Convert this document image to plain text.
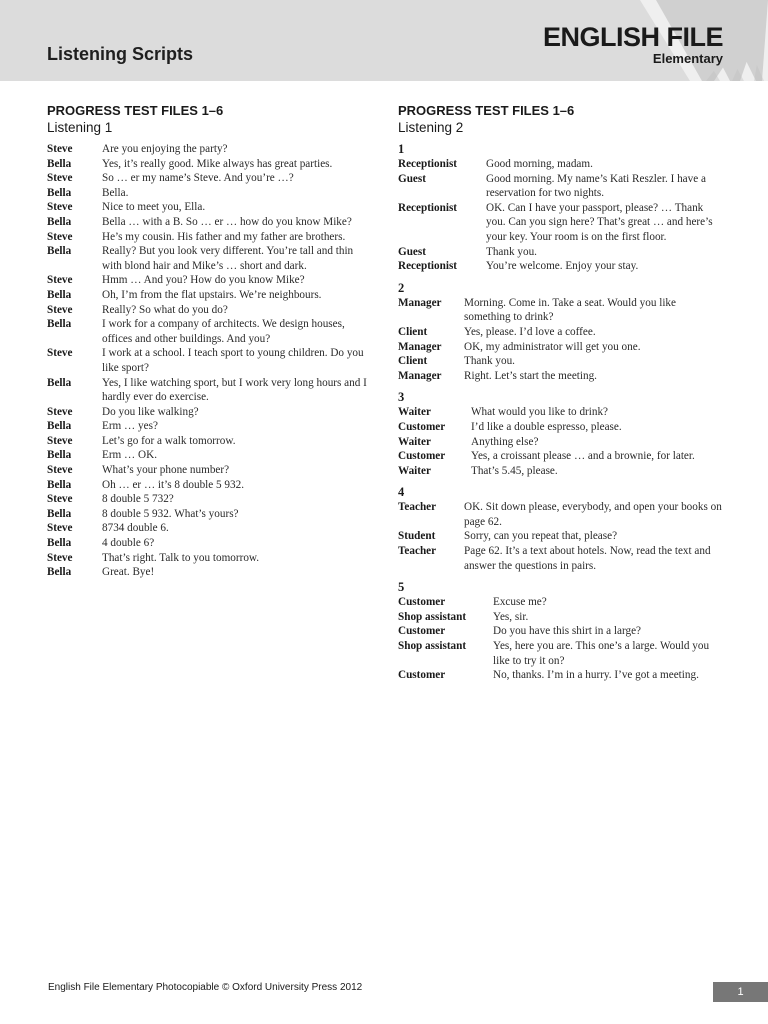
Listening Scripts
ENGLISH FILE
Elementary
PROGRESS TEST FILES 1–6
Listening 1
Steve	Are you enjoying the party?
Bella	Yes, it’s really good. Mike always has great parties.
Steve	So … er my name’s Steve. And you’re …?
Bella	Bella.
Steve	Nice to meet you, Ella.
Bella	Bella … with a B. So … er … how do you know Mike?
Steve	He’s my cousin. His father and my father are brothers.
Bella	Really? But you look very different. You’re tall and thin with blond hair and Mike’s … short and dark.
Steve	Hmm … And you? How do you know Mike?
Bella	Oh, I’m from the flat upstairs. We’re neighbours.
Steve	Really? So what do you do?
Bella	I work for a company of architects. We design houses, offices and other buildings. And you?
Steve	I work at a school. I teach sport to young children. Do you like sport?
Bella	Yes, I like watching sport, but I work very long hours and I hardly ever do exercise.
Steve	Do you like walking?
Bella	Erm … yes?
Steve	Let’s go for a walk tomorrow.
Bella	Erm … OK.
Steve	What’s your phone number?
Bella	Oh … er … it’s 8 double 5 932.
Steve	8 double 5 732?
Bella	8 double 5 932. What’s yours?
Steve	8734 double 6.
Bella	4 double 6?
Steve	That’s right. Talk to you tomorrow.
Bella	Great. Bye!
PROGRESS TEST FILES 1–6
Listening 2
1
Receptionist	Good morning, madam.
Guest	Good morning. My name’s Kati Reszler. I have a reservation for two nights.
Receptionist	OK. Can I have your passport, please? … Thank you. Can you sign here? That’s great … and here’s your key. Your room is on the first floor.
Guest	Thank you.
Receptionist	You’re welcome. Enjoy your stay.
2
Manager	Morning. Come in. Take a seat. Would you like something to drink?
Client	Yes, please. I’d love a coffee.
Manager	OK, my administrator will get you one.
Client	Thank you.
Manager	Right. Let’s start the meeting.
3
Waiter	What would you like to drink?
Customer	I’d like a double espresso, please.
Waiter	Anything else?
Customer	Yes, a croissant please … and a brownie, for later.
Waiter	That’s 5.45, please.
4
Teacher	OK. Sit down please, everybody, and open your books on page 62.
Student	Sorry, can you repeat that, please?
Teacher	Page 62. It’s a text about hotels. Now, read the text and answer the questions in pairs.
5
Customer	Excuse me?
Shop assistant	Yes, sir.
Customer	Do you have this shirt in a large?
Shop assistant	Yes, here you are. This one’s a large. Would you like to try it on?
Customer	No, thanks. I’m in a hurry. I’ve got a meeting.
English File Elementary Photocopiable © Oxford University Press 2012	1
